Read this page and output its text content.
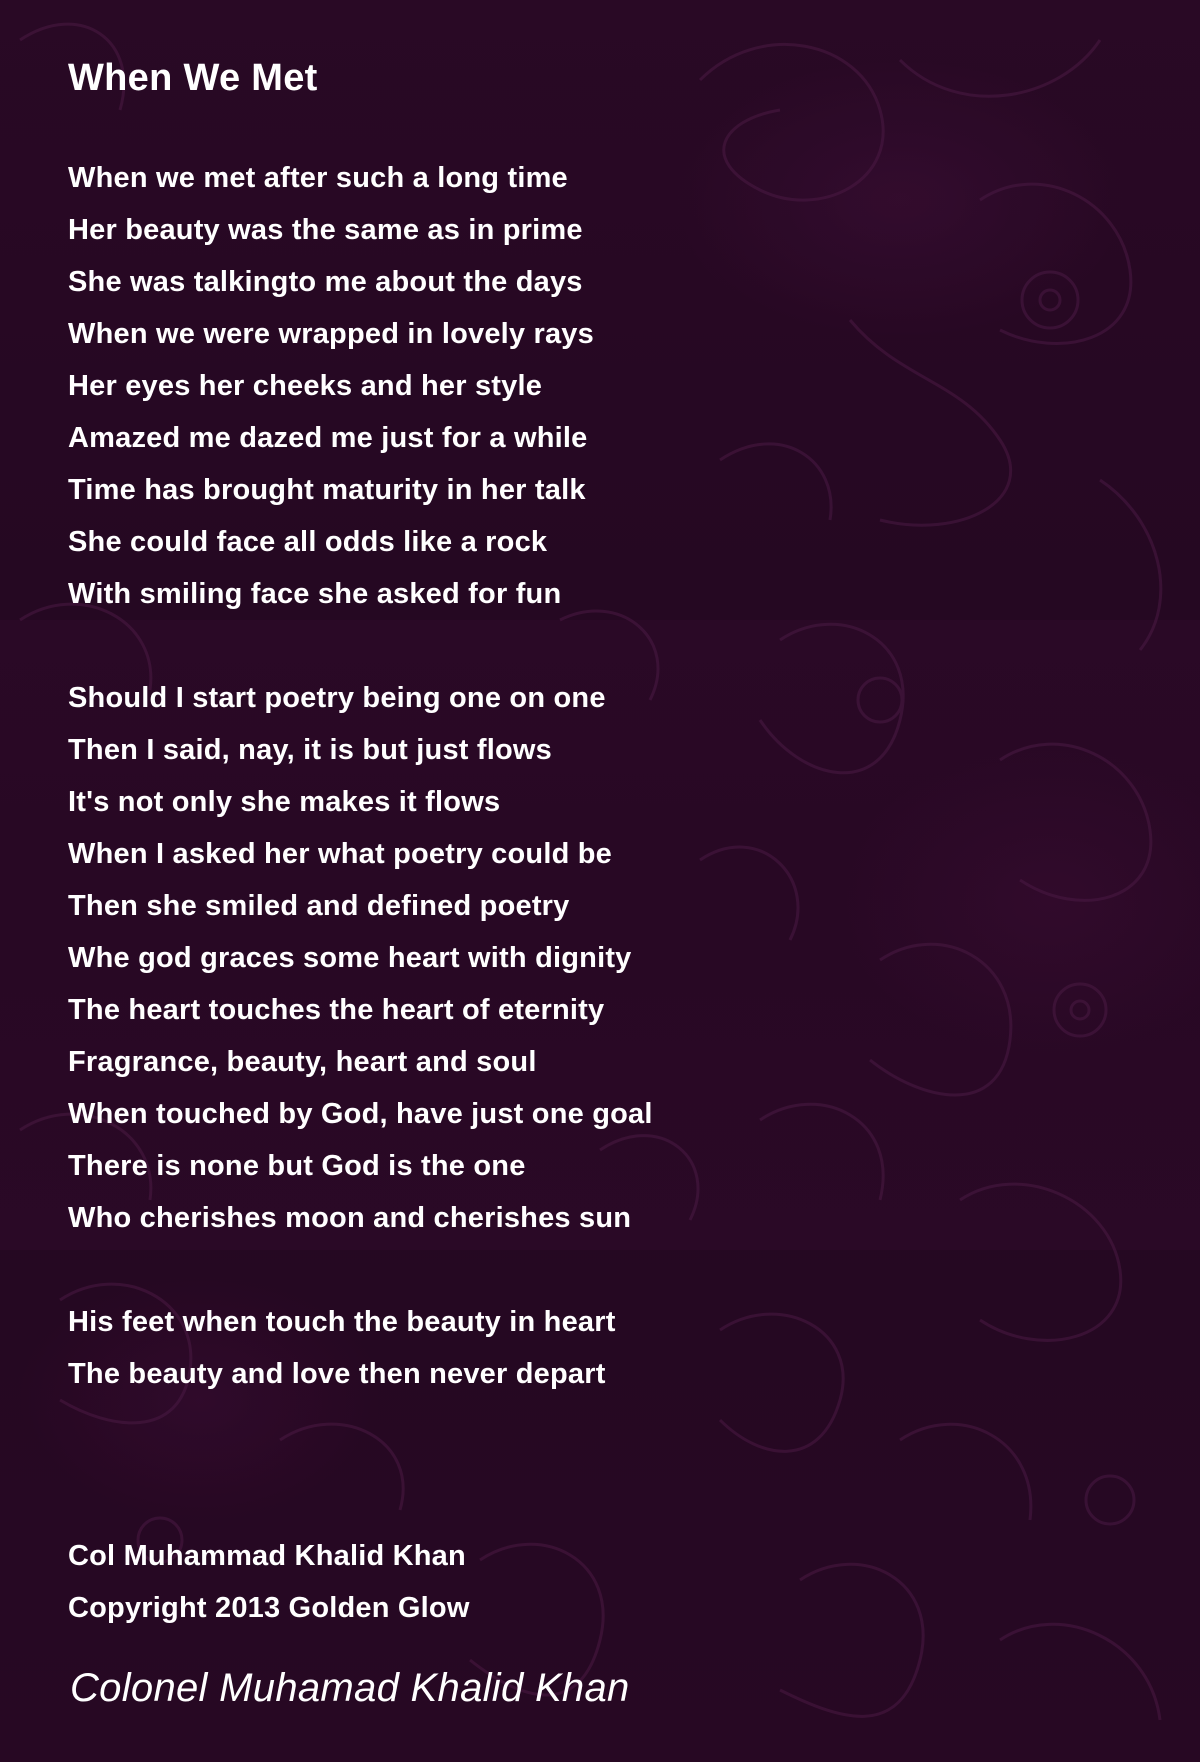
When We Met
When we met after such a long time
Her beauty was the same as in prime
She was talkingto me about the days
When we were wrapped in lovely rays
Her eyes her cheeks and her style
Amazed me dazed me just for a while
Time has brought maturity in her talk
She could face all odds like a rock
With smiling face she asked for fun
Should I start poetry being one on one
Then I said, nay, it is but just flows
It's not only she makes it flows
When I asked her what poetry could be
Then she smiled and defined poetry
Whe god graces some heart with dignity
The heart touches the heart of eternity
Fragrance, beauty, heart and soul
When touched by God, have just one goal
There is none but God is the one
Who cherishes moon and cherishes sun
His feet when touch the beauty in heart
The beauty and love then never depart
Col Muhammad Khalid Khan
Copyright 2013 Golden Glow
Colonel Muhamad Khalid Khan
